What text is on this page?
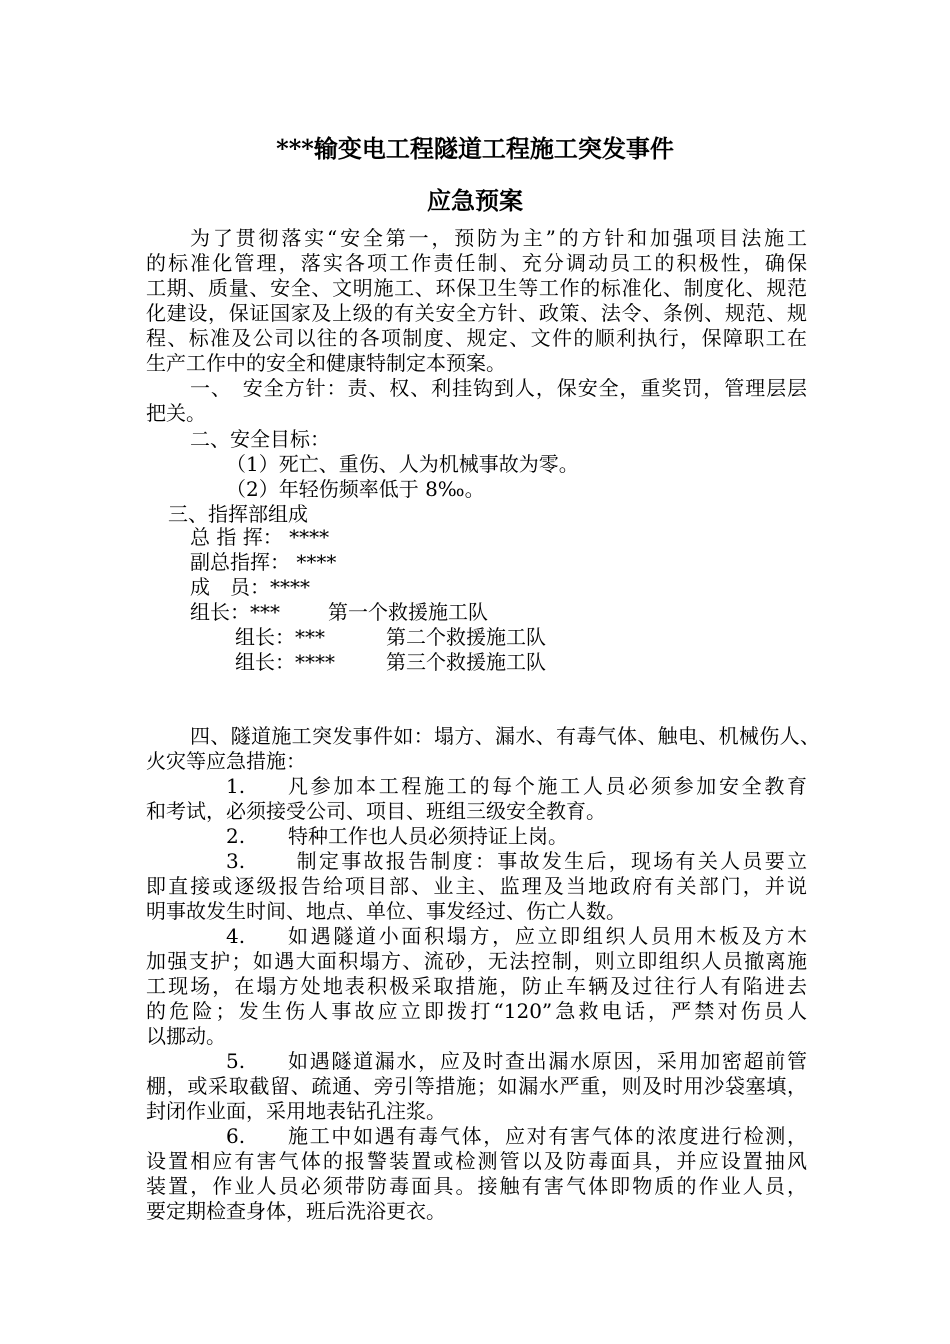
***输变电工程隧道工程施工突发事件
应急预案
为了贯彻落实“安全第一，预防为主”的方针和加强项目法施工
的标准化管理，落实各项工作责任制、充分调动员工的积极性，确保
工期、质量、安全、文明施工、环保卫生等工作的标准化、制度化、规范
化建设，保证国家及上级的有关安全方针、政策、法令、条例、规范、规
程、标准及公司以往的各项制度、规定、文件的顺利执行，保障职工在
生产工作中的安全和健康特制定本预案。
一、　安全方针：责、权、利挂钩到人，保安全，重奖罚，管理层层
把关。
二、安全目标：
（1）死亡、重伤、人为机械事故为零。
（2）年轻伤频率低于 8‰。
三、指挥部组成
总 指 挥： ****
副总指挥： ****
成　员：****
组长：*** 第一个救援施工队
组长：***	第二个救援施工队
组长：****	第三个救援施工队
四、隧道施工突发事件如：塌方、漏水、有毒气体、触电、机械伤人、
火灾等应急措施：
1.	凡参加本工程施工的每个施工人员必须参加安全教育
和考试，必须接受公司、项目、班组三级安全教育。
2.	特种工作也人员必须持证上岗。
3.	制定事故报告制度：事故发生后，现场有关人员要立
即直接或逐级报告给项目部、业主、监理及当地政府有关部门，并说
明事故发生时间、地点、单位、事发经过、伤亡人数。
4.	如遇隧道小面积塌方，应立即组织人员用木板及方木
加强支护；如遇大面积塌方、流砂，无法控制，则立即组织人员撤离施
工现场，在塌方处地表积极采取措施，防止车辆及过往行人有陷进去
的危险；发生伤人事故应立即拨打“120”急救电话，严禁对伤员人
以挪动。
5.	如遇隧道漏水，应及时查出漏水原因，采用加密超前管
棚，或采取截留、疏通、旁引等措施；如漏水严重，则及时用沙袋塞填，
封闭作业面，采用地表钻孔注浆。
6.	施工中如遇有毒气体，应对有害气体的浓度进行检测，
设置相应有害气体的报警装置或检测管以及防毒面具，并应设置抽风
装置，作业人员必须带防毒面具。接触有害气体即物质的作业人员，
要定期检查身体，班后洗浴更衣。
